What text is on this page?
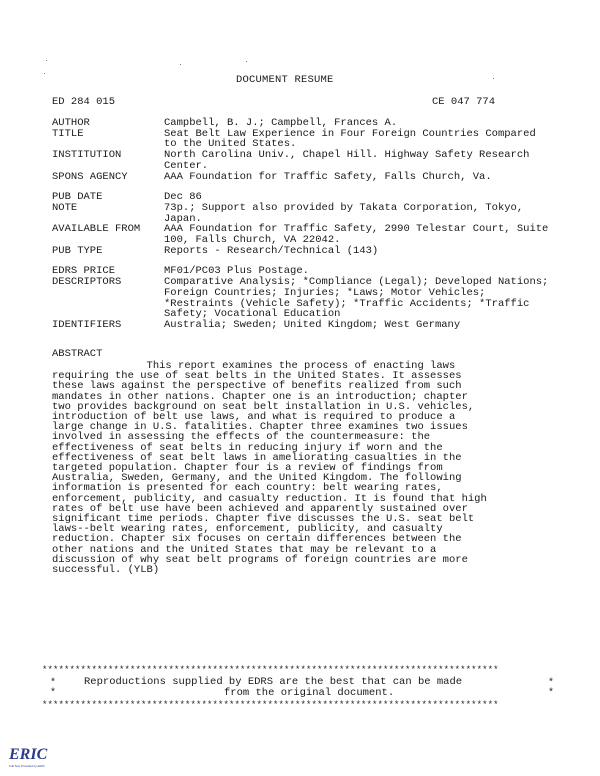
DOCUMENT RESUME
ED 284 015	CE 047 774
AUTHOR	Campbell, B. J.; Campbell, Frances A.
TITLE	Seat Belt Law Experience in Four Foreign Countries Compared to the United States.
INSTITUTION	North Carolina Univ., Chapel Hill. Highway Safety Research Center.
SPONS AGENCY	AAA Foundation for Traffic Safety, Falls Church, Va.
PUB DATE	Dec 86
NOTE	73p.; Support also provided by Takata Corporation, Tokyo, Japan.
AVAILABLE FROM	AAA Foundation for Traffic Safety, 2990 Telestar Court, Suite 100, Falls Church, VA 22042.
PUB TYPE	Reports - Research/Technical (143)
EDRS PRICE	MF01/PC03 Plus Postage.
DESCRIPTORS	Comparative Analysis; *Compliance (Legal); Developed Nations; Foreign Countries; Injuries; *Laws; Motor Vehicles; *Restraints (Vehicle Safety); *Traffic Accidents; *Traffic Safety; Vocational Education
IDENTIFIERS	Australia; Sweden; United Kingdom; West Germany
ABSTRACT
This report examines the process of enacting laws
requiring the use of seat belts in the United States. It assesses
these laws against the perspective of benefits realized from such
mandates in other nations. Chapter one is an introduction; chapter
two provides background on seat belt installation in U.S. vehicles,
introduction of belt use laws, and what is required to produce a
large change in U.S. fatalities. Chapter three examines two issues
involved in assessing the effects of the countermeasure: the
effectiveness of seat belts in reducing injury if worn and the
effectiveness of seat belt laws in ameliorating casualties in the
targeted population. Chapter four is a review of findings from
Australia, Sweden, Germany, and the United Kingdom. The following
information is presented for each country: belt wearing rates,
enforcement, publicity, and casualty reduction. It is found that high
rates of belt use have been achieved and apparently sustained over
significant time periods. Chapter five discusses the U.S. seat belt
laws--belt wearing rates, enforcement, publicity, and casualty
reduction. Chapter six focuses on certain differences between the
other nations and the United States that may be relevant to a
discussion of why seat belt programs of foreign countries are more
successful. (YLB)
***********************************************************************************
*
*
*
*
Reproductions supplied by EDRS are the best that can be made
from the original document.
***********************************************************************************
ERIC
Full Text Provided by ERIC
